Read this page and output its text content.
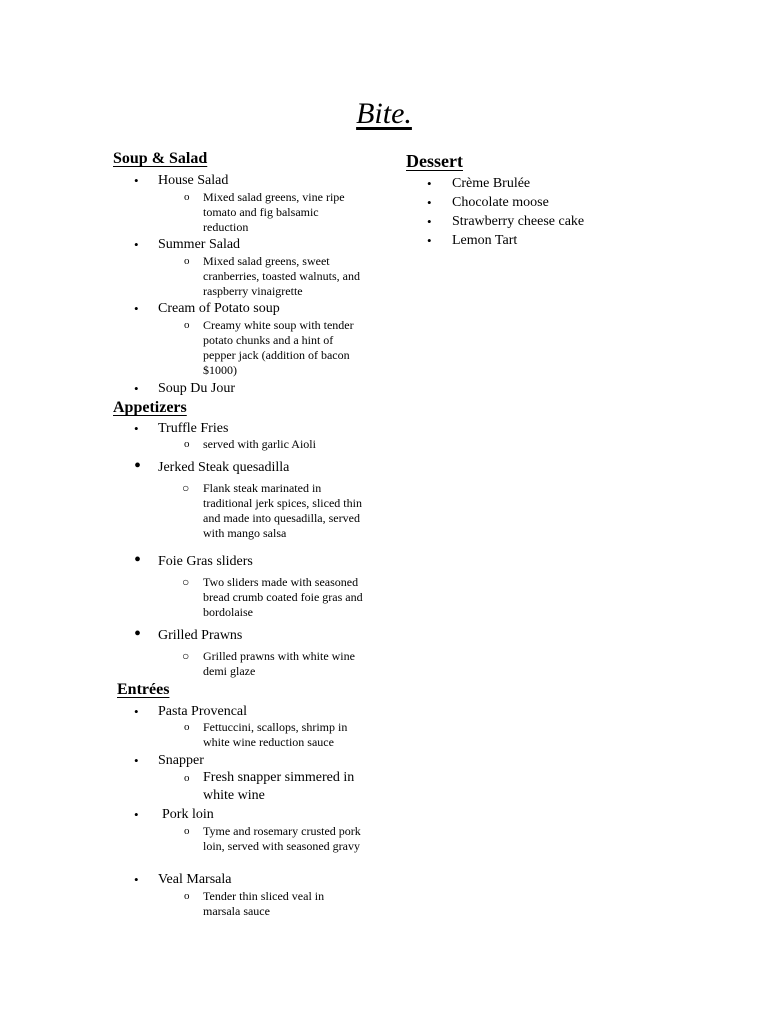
Bite.
Soup & Salad
• House Salad
o Mixed salad greens, vine ripe tomato and fig balsamic reduction
• Summer Salad
o Mixed salad greens, sweet cranberries, toasted walnuts, and raspberry vinaigrette
• Cream of Potato soup
o Creamy white soup with tender potato chunks and a hint of pepper jack (addition of bacon $1000)
• Soup Du Jour
Appetizers
• Truffle Fries
o served with garlic Aioli
• Jerked Steak quesadilla
○ Flank steak marinated in traditional jerk spices, sliced thin and made into quesadilla, served with mango salsa
• Foie Gras sliders
○ Two sliders made with seasoned bread crumb coated foie gras and bordolaise
• Grilled Prawns
○ Grilled prawns with white wine demi glaze
Entrées
• Pasta Provencal
o Fettuccini, scallops, shrimp in white wine reduction sauce
• Snapper
o Fresh snapper simmered in white wine
• Pork loin
o Tyme and rosemary crusted pork loin, served with seasoned gravy
• Veal Marsala
o Tender thin sliced veal in marsala sauce
Dessert
• Crème Brulée
• Chocolate moose
• Strawberry cheese cake
• Lemon Tart
